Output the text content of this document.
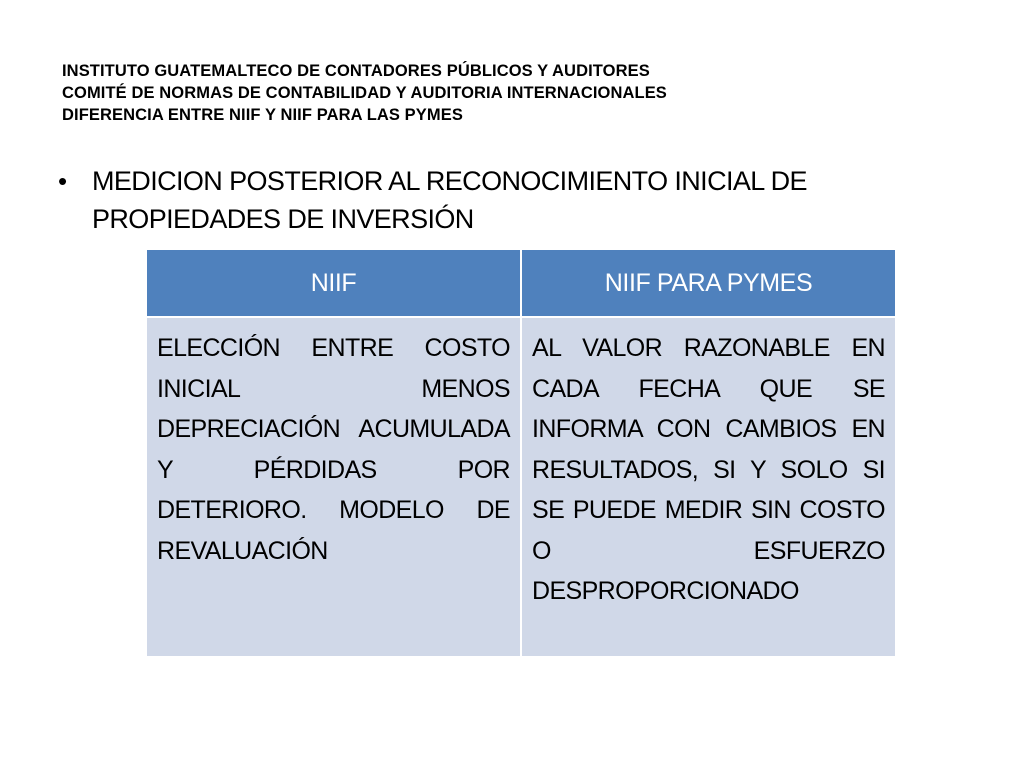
INSTITUTO GUATEMALTECO DE CONTADORES PÚBLICOS Y AUDITORES
COMITÉ DE NORMAS DE CONTABILIDAD Y AUDITORIA INTERNACIONALES
DIFERENCIA ENTRE NIIF Y NIIF PARA LAS PYMES
• MEDICION POSTERIOR AL RECONOCIMIENTO INICIAL DE PROPIEDADES DE INVERSIÓN
NIIF	NIIF PARA PYMES
ELECCIÓN ENTRE COSTO INICIAL MENOS DEPRECIACIÓN ACUMULADA Y PÉRDIDAS POR DETERIORO. MODELO DE REVALUACIÓN	AL VALOR RAZONABLE EN CADA FECHA QUE SE INFORMA CON CAMBIOS EN RESULTADOS, SI Y SOLO SI SE PUEDE MEDIR SIN COSTO O ESFUERZO DESPROPORCIONADO
